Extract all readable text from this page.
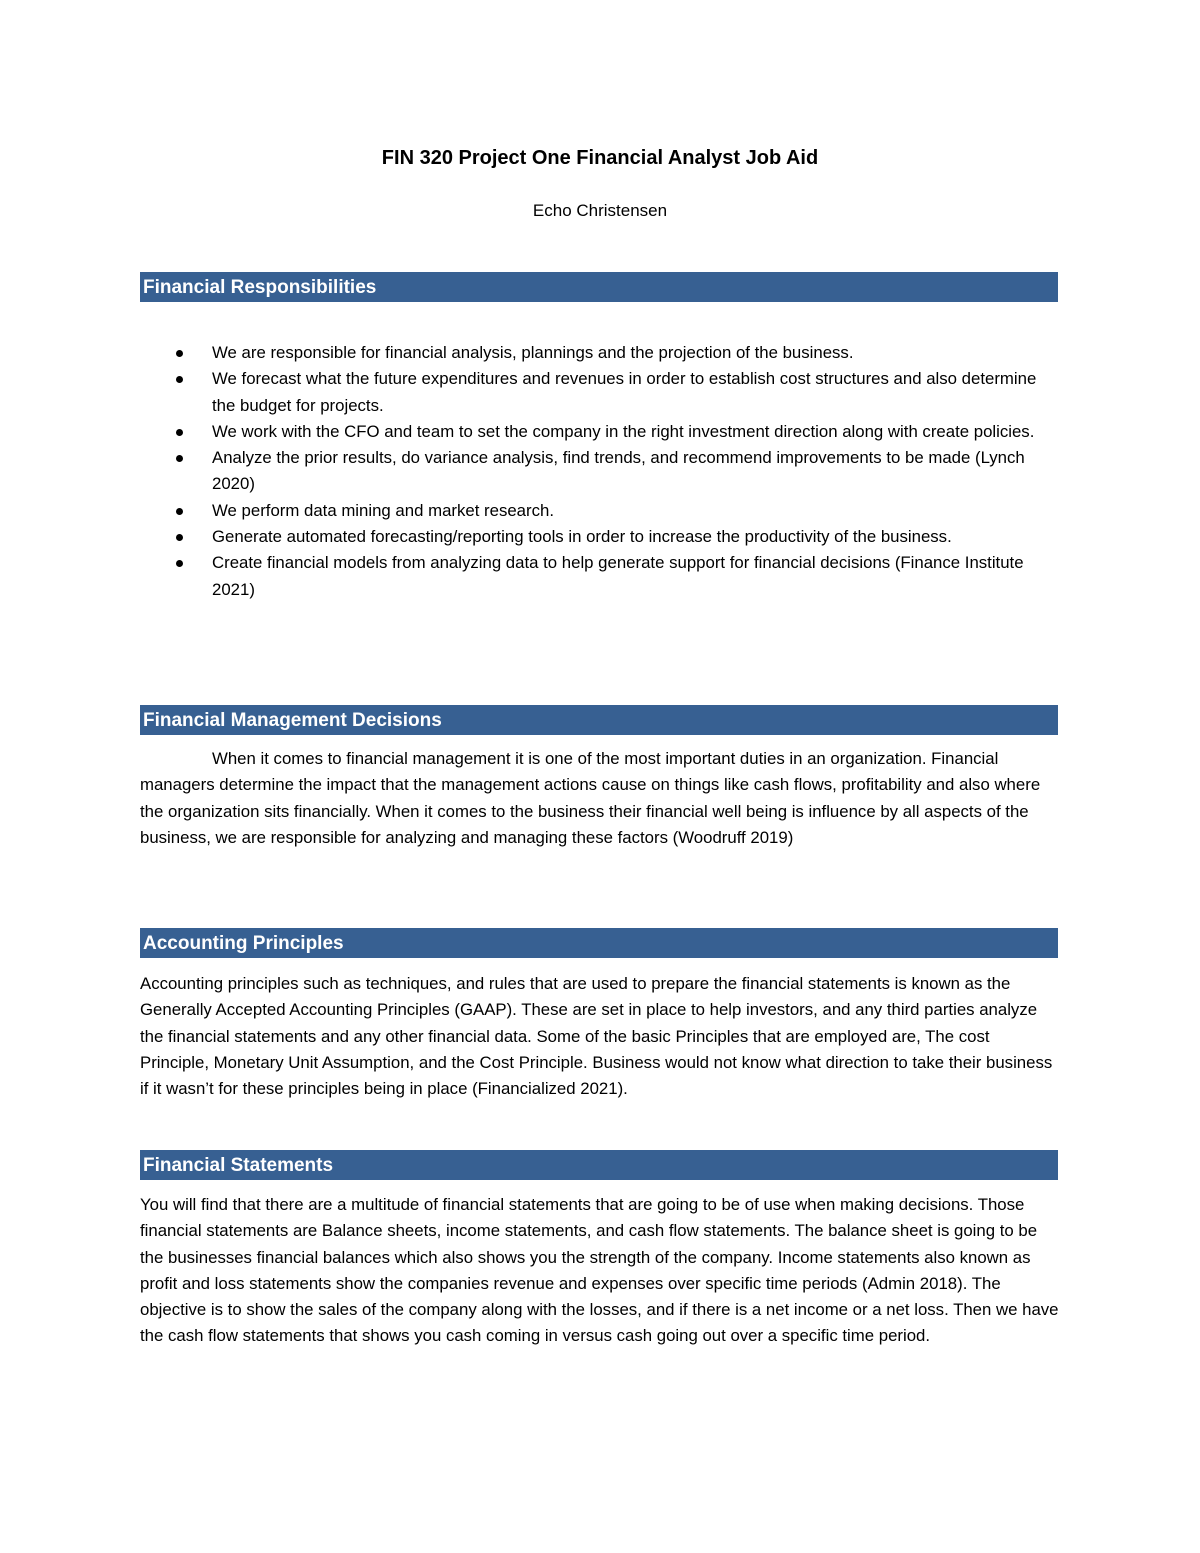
FIN 320 Project One Financial Analyst Job Aid

Echo Christensen

Financial Responsibilities
We are responsible for financial analysis, plannings and the projection of the business.
We forecast what the future expenditures and revenues in order to establish cost structures and also determine the budget for projects.
We work with the CFO and team to set the company in the right investment direction along with create policies.
Analyze the prior results, do variance analysis, find trends, and recommend improvements to be made (Lynch 2020)
We perform data mining and market research.
Generate automated forecasting/reporting tools in order to increase the productivity of the business.
Create financial models from analyzing data to help generate support for financial decisions (Finance Institute 2021)
Financial Management Decisions

When it comes to financial management it is one of the most important duties in an organization. Financial managers determine the impact that the management actions cause on things like cash flows, profitability and also where the organization sits financially. When it comes to the business their financial well being is influence by all aspects of the business, we are responsible for analyzing and managing these factors (Woodruff 2019)

Accounting Principles

Accounting principles such as techniques, and rules that are used to prepare the financial statements is known as the Generally Accepted Accounting Principles (GAAP). These are set in place to help investors, and any third parties analyze the financial statements and any other financial data. Some of the basic Principles that are employed are, The cost Principle, Monetary Unit Assumption, and the Cost Principle. Business would not know what direction to take their business if it wasn’t for these principles being in place (Financialized 2021).

Financial Statements

You will find that there are a multitude of financial statements that are going to be of use when making decisions. Those financial statements are Balance sheets, income statements, and cash flow statements. The balance sheet is going to be the businesses financial balances which also shows you the strength of the company. Income statements also known as profit and loss statements show the companies revenue and expenses over specific time periods (Admin 2018). The objective is to show the sales of the company along with the losses, and if there is a net income or a net loss. Then we have the cash flow statements that shows you cash coming in versus cash going out over a specific time period.
